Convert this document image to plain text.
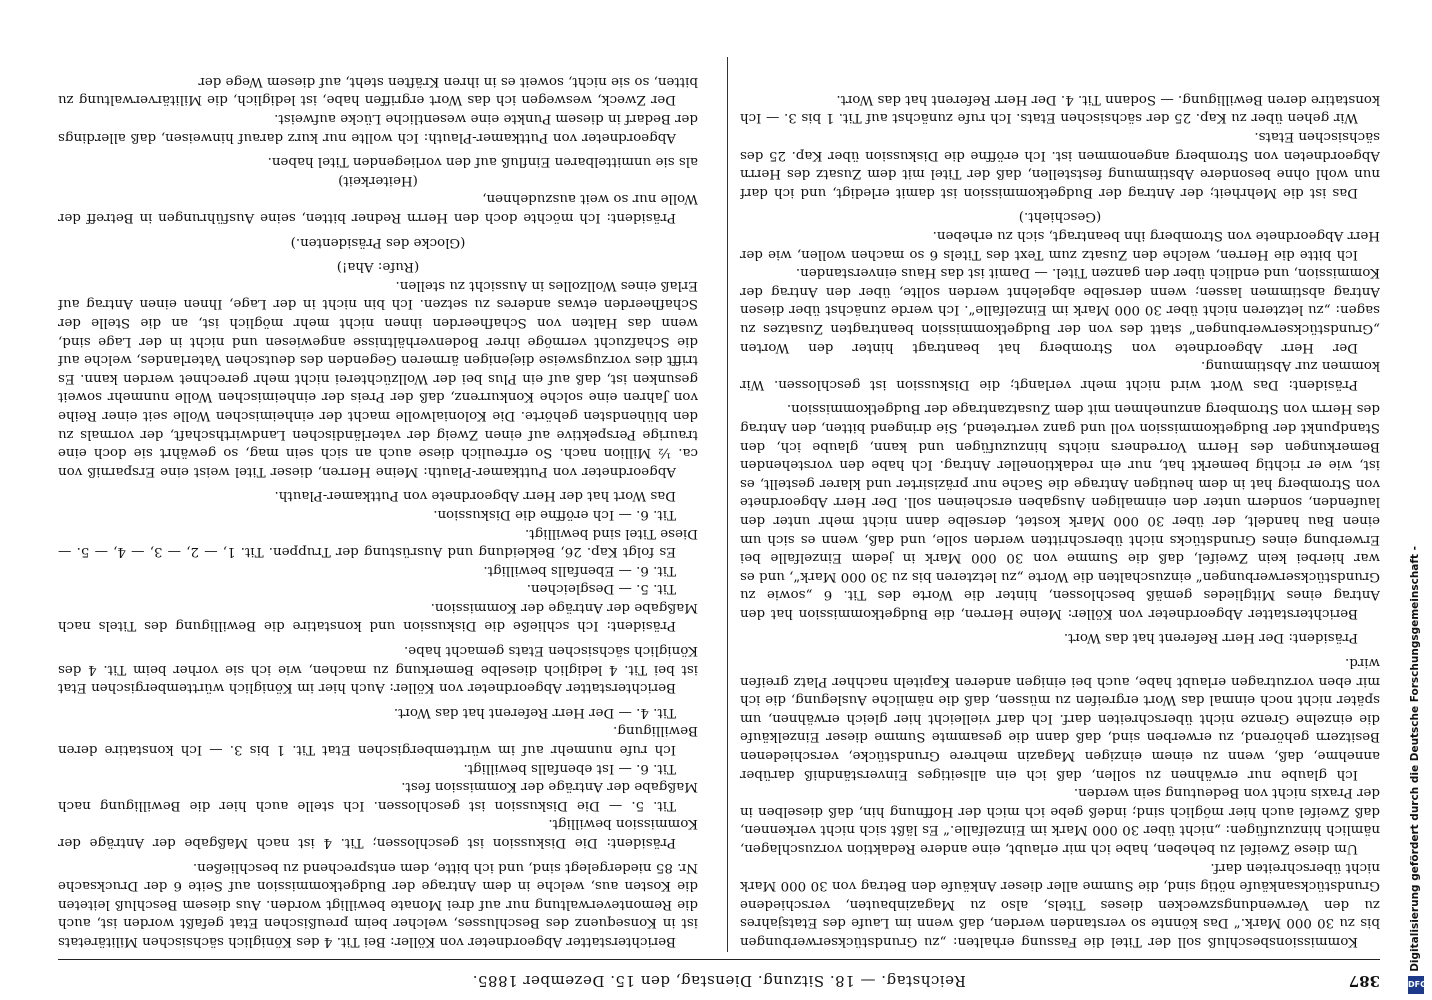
387
Reichstag. — 18. Sitzung. Dienstag, den 15. Dezember 1885.

Kommissionsbeschluß soll der Titel die Fassung erhalten: „zu Grundstückserwerbungen bis zu 30 000 Mark.“ Das könnte so verstanden werden, daß wenn im Laufe des Etatsjahres zu den Verwendungszwecken dieses Titels, also zu Magazinbauten, verschiedene Grundstücksankäufe nötig sind, die Summe aller dieser Ankäufe den Betrag von 30 000 Mark nicht überschreiten darf.

Um diese Zweifel zu beheben, habe ich mir erlaubt, eine andere Redaktion vorzuschlagen, nämlich hinzuzufügen: „nicht über 30 000 Mark im Einzelfalle.“ Es läßt sich nicht verkennen, daß Zweifel auch hier möglich sind; indeß gebe ich mich der Hoffnung hin, daß dieselben in der Praxis nicht von Bedeutung sein werden.

Ich glaube nur erwähnen zu sollen, daß ich ein allseitiges Einverständniß darüber annehme, daß, wenn zu einem einzigen Magazin mehrere Grundstücke, verschiedenen Besitzern gehörend, zu erwerben sind, daß dann die gesammte Summe dieser Einzelkäufe die einzelne Grenze nicht überschreiten darf. Ich darf vielleicht hier gleich erwähnen, um später nicht noch einmal das Wort ergreifen zu müssen, daß die nämliche Auslegung, die ich mir eben vorzutragen erlaubt habe, auch bei einigen anderen Kapiteln nachher Platz greifen wird.

Präsident: Der Herr Referent hat das Wort.

Berichterstatter Abgeordneter von Köller: Meine Herren, die Budgetkommission hat den Antrag eines Mitgliedes gemäß beschlossen, hinter die Worte des Tit. 6 „sowie zu Grundstückserwerbungen“ einzuschalten die Worte „zu letzteren bis zu 30 000 Mark“, und es war hierbei kein Zweifel, daß die Summe von 30 000 Mark in jedem Einzelfalle bei Erwerbung eines Grundstücks nicht überschritten werden solle, und daß, wenn es sich um einen Bau handelt, der über 30 000 Mark kostet, derselbe dann nicht mehr unter den laufenden, sondern unter den einmaligen Ausgaben erscheinen soll. Der Herr Abgeordnete von Stromberg hat in dem heutigen Antrage die Sache nur präzisirter und klarer gestellt, es ist, wie er richtig bemerkt hat, nur ein redaktioneller Antrag. Ich habe den vorstehenden Bemerkungen des Herrn Vorredners nichts hinzuzufügen und kann, glaube ich, den Standpunkt der Budgetkommission voll und ganz vertretend, Sie dringend bitten, den Antrag des Herrn von Stromberg anzunehmen mit dem Zusatzantrage der Budgetkommission.

Präsident: Das Wort wird nicht mehr verlangt; die Diskussion ist geschlossen. Wir kommen zur Abstimmung.

Der Herr Abgeordnete von Stromberg hat beantragt hinter den Worten „Grundstückserwerbungen“ statt des von der Budgetkommission beantragten Zusatzes zu sagen: „zu letzteren nicht über 30 000 Mark im Einzelfalle“. Ich werde zunächst über diesen Antrag abstimmen lassen; wenn derselbe abgelehnt werden sollte, über den Antrag der Kommission, und endlich über den ganzen Titel. — Damit ist das Haus einverstanden.

Ich bitte die Herren, welche den Zusatz zum Text des Titels 6 so machen wollen, wie der Herr Abgeordnete von Stromberg ihn beantragt, sich zu erheben.

(Geschieht.)

Das ist die Mehrheit; der Antrag der Budgetkommission ist damit erledigt, und ich darf nun wohl ohne besondere Abstimmung feststellen, daß der Titel mit dem Zusatz des Herrn Abgeordneten von Stromberg angenommen ist. Ich eröffne die Diskussion über Kap. 25 des sächsischen Etats.

Wir gehen über zu Kap. 25 der sächsischen Etats. Ich rufe zunächst auf Tit. 1 bis 3. — Ich konstatire deren Bewilligung. — Sodann Tit. 4. Der Herr Referent hat das Wort.

Berichterstatter Abgeordneter von Köller: Bei Tit. 4 des Königlich sächsischen Militäretats ist in Konsequenz des Beschlusses, welcher beim preußischen Etat gefaßt worden ist, auch die Remonteverwaltung nur auf drei Monate bewilligt worden. Aus diesem Beschluß leiteten die Kosten aus, welche in dem Antrage der Budgetkommission auf Seite 6 der Drucksache Nr. 85 niedergelegt sind, und ich bitte, dem entsprechend zu beschließen.

Präsident: Die Diskussion ist geschlossen; Tit. 4 ist nach Maßgabe der Anträge der Kommission bewilligt.

Tit. 5. — Die Diskussion ist geschlossen. Ich stelle auch hier die Bewilligung nach Maßgabe der Anträge der Kommission fest.

Tit. 6. — Ist ebenfalls bewilligt.

Ich rufe nunmehr auf im württembergischen Etat Tit. 1 bis 3. — Ich konstatire deren Bewilligung.

Tit. 4. — Der Herr Referent hat das Wort.

Berichterstatter Abgeordneter von Köller: Auch hier im Königlich württembergischen Etat ist bei Tit. 4 lediglich dieselbe Bemerkung zu machen, wie ich sie vorher beim Tit. 4 des Königlich sächsischen Etats gemacht habe.

Präsident: Ich schließe die Diskussion und konstatire die Bewilligung des Titels nach Maßgabe der Anträge der Kommission.

Tit. 5. — Desgleichen.

Tit. 6. — Ebenfalls bewilligt.

Es folgt Kap. 26, Bekleidung und Ausrüstung der Truppen. Tit. 1, — 2, — 3, — 4, — 5. — Diese Titel sind bewilligt.

Tit. 6. — Ich eröffne die Diskussion.

Das Wort hat der Herr Abgeordnete von Puttkamer-Plauth.

Abgeordneter von Puttkamer-Plauth: Meine Herren, dieser Titel weist eine Ersparniß von ca. ½ Million nach. So erfreulich diese auch an sich sein mag, so gewährt sie doch eine traurige Perspektive auf einen Zweig der vaterländischen Landwirthschaft, der vormals zu den blühendsten gehörte. Die Kolonialwolle macht der einheimischen Wolle seit einer Reihe von Jahren eine solche Konkurrenz, daß der Preis der einheimischen Wolle nunmehr soweit gesunken ist, daß auf ein Plus bei der Wollzüchterei nicht mehr gerechnet werden kann. Es trifft dies vorzugsweise diejenigen ärmeren Gegenden des deutschen Vaterlandes, welche auf die Schafzucht vermöge ihrer Bodenverhältnisse angewiesen und nicht in der Lage sind, wenn das Halten von Schafheerden ihnen nicht mehr möglich ist, an die Stelle der Schafheerden etwas anderes zu setzen. Ich bin nicht in der Lage, Ihnen einen Antrag auf Erlaß eines Wollzolles in Aussicht zu stellen.

(Rufe: Aha!)

(Glocke des Präsidenten.)

Präsident: Ich möchte doch den Herrn Redner bitten, seine Ausführungen in Betreff der Wolle nur so weit auszudehnen,

(Heiterkeit)

als sie unmittelbaren Einfluß auf den vorliegenden Titel haben.

Abgeordneter von Puttkamer-Plauth: Ich wollte nur kurz darauf hinweisen, daß allerdings der Bedarf in diesem Punkte eine wesentliche Lücke aufweist.

Der Zweck, weswegen ich das Wort ergriffen habe, ist lediglich, die Militärverwaltung zu bitten, so sie nicht, soweit es in ihren Kräften steht, auf diesem Wege der

Digitalisierung gefördert durch die Deutsche Forschungsgemeinschaft -
DFG
